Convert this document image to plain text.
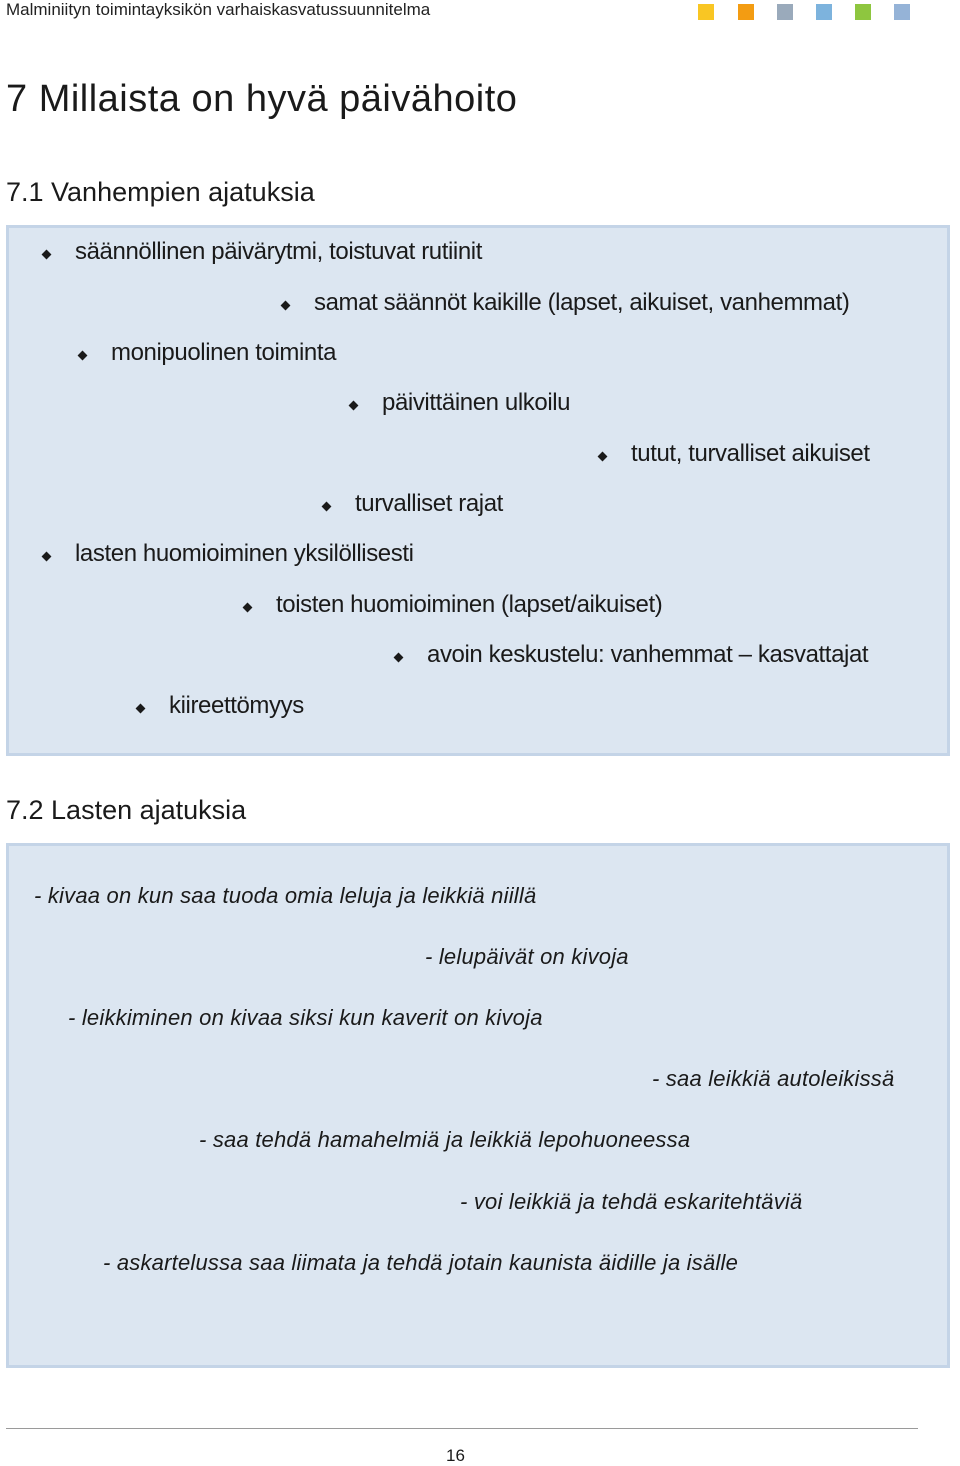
Malminiityn toimintayksikön varhaiskasvatussuunnitelma
7 Millaista on hyvä päivähoito
7.1 Vanhempien ajatuksia
säännöllinen päivärytmi, toistuvat rutiinit
samat säännöt kaikille (lapset, aikuiset, vanhemmat)
monipuolinen toiminta
päivittäinen ulkoilu
tutut, turvalliset aikuiset
turvalliset rajat
lasten huomioiminen yksilöllisesti
toisten huomioiminen (lapset/aikuiset)
avoin keskustelu: vanhemmat – kasvattajat
kiireettömyys
7.2 Lasten ajatuksia
- kivaa on kun saa tuoda omia leluja ja leikkiä niillä
- lelupäivät on kivoja
- leikkiminen on kivaa siksi kun kaverit on kivoja
- saa leikkiä autoleikissä
- saa tehdä hamahelmiä ja leikkiä lepohuoneessa
- voi leikkiä ja tehdä eskaritehtäviä
- askartelussa saa liimata ja tehdä jotain kaunista äidille ja isälle
16
